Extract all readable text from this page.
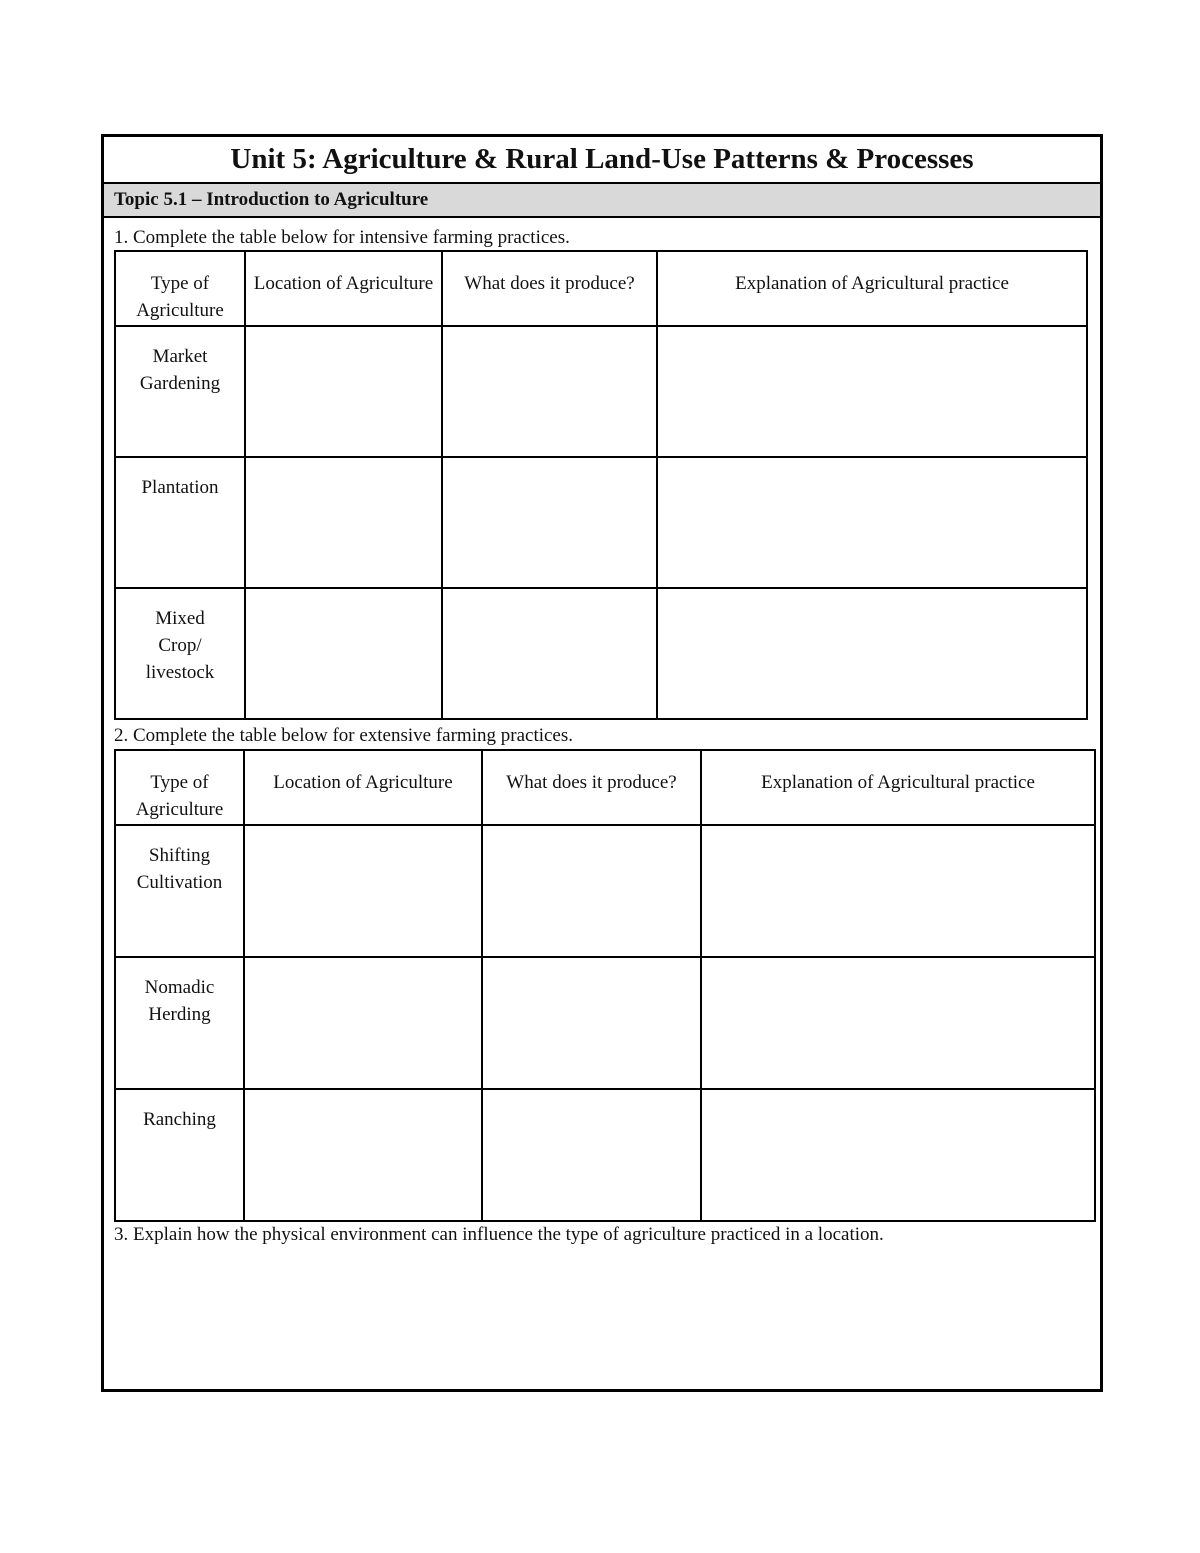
Unit 5: Agriculture & Rural Land-Use Patterns & Processes
Topic 5.1 – Introduction to Agriculture
1. Complete the table below for intensive farming practices.
Type of Agriculture	Location of Agriculture	What does it produce?	Explanation of Agricultural practice
Market Gardening			
Plantation			
Mixed Crop/ livestock			
2. Complete the table below for extensive farming practices.
Type of Agriculture	Location of Agriculture	What does it produce?	Explanation of Agricultural practice
Shifting Cultivation			
Nomadic Herding			
Ranching			
3. Explain how the physical environment can influence the type of agriculture practiced in a location.
